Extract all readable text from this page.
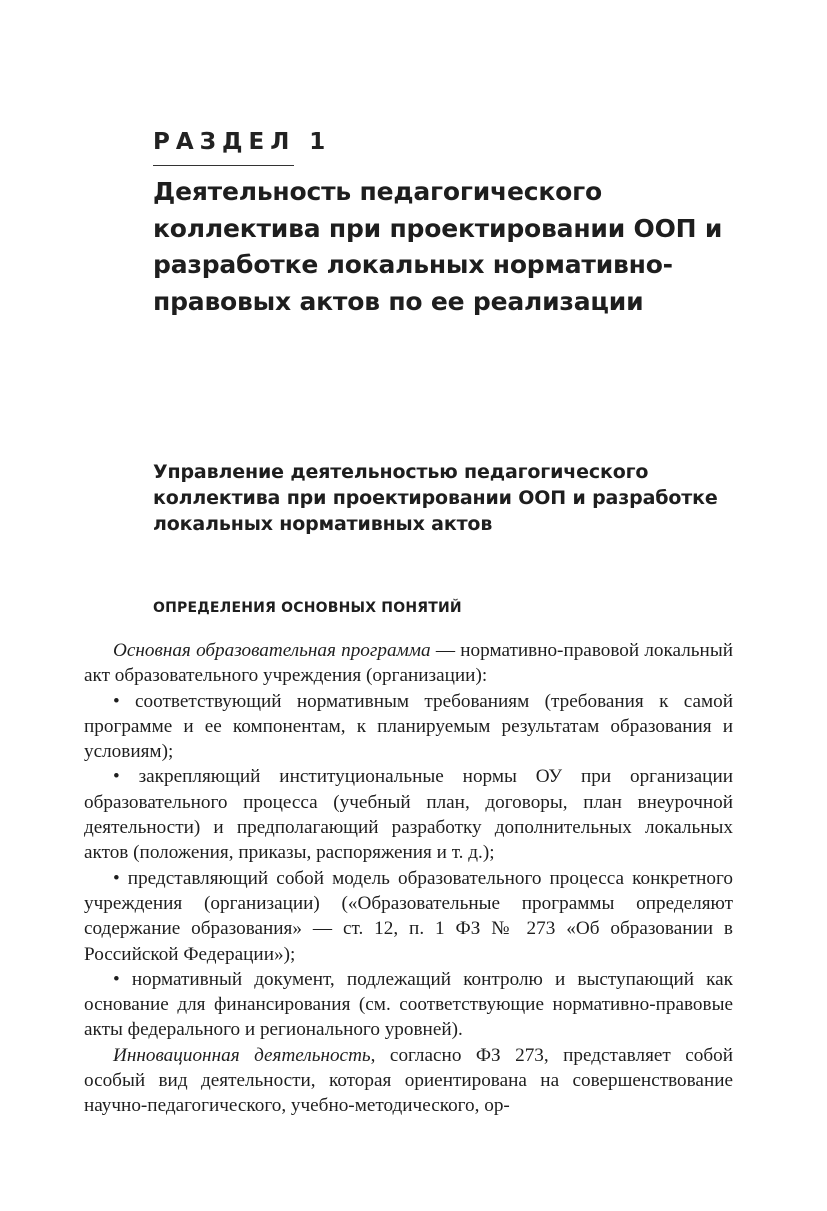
РАЗДЕЛ 1
Деятельность педагогического коллектива при проектировании ООП и разработке локальных нормативно-правовых актов по ее реализации
Управление деятельностью педагогического коллектива при проектировании ООП и разработке локальных нормативных актов
ОПРЕДЕЛЕНИЯ ОСНОВНЫХ ПОНЯТИЙ

Основная образовательная программа — нормативно-правовой локальный акт образовательного учреждения (организации):

• соответствующий нормативным требованиям (требования к самой программе и ее компонентам, к планируемым результатам образования и условиям);

• закрепляющий институциональные нормы ОУ при организации образовательного процесса (учебный план, договоры, план внеурочной деятельности) и предполагающий разработку дополнительных локальных актов (положения, приказы, распоряжения и т. д.);

• представляющий собой модель образовательного процесса конкретного учреждения (организации) («Образовательные программы определяют содержание образования» — ст. 12, п. 1 ФЗ № 273 «Об образовании в Российской Федерации»);

• нормативный документ, подлежащий контролю и выступающий как основание для финансирования (см. соответствующие нормативно-правовые акты федерального и регионального уровней).

Инновационная деятельность, согласно ФЗ 273, представляет собой особый вид деятельности, которая ориентирована на совершенствование научно-педагогического, учебно-методического, ор-
